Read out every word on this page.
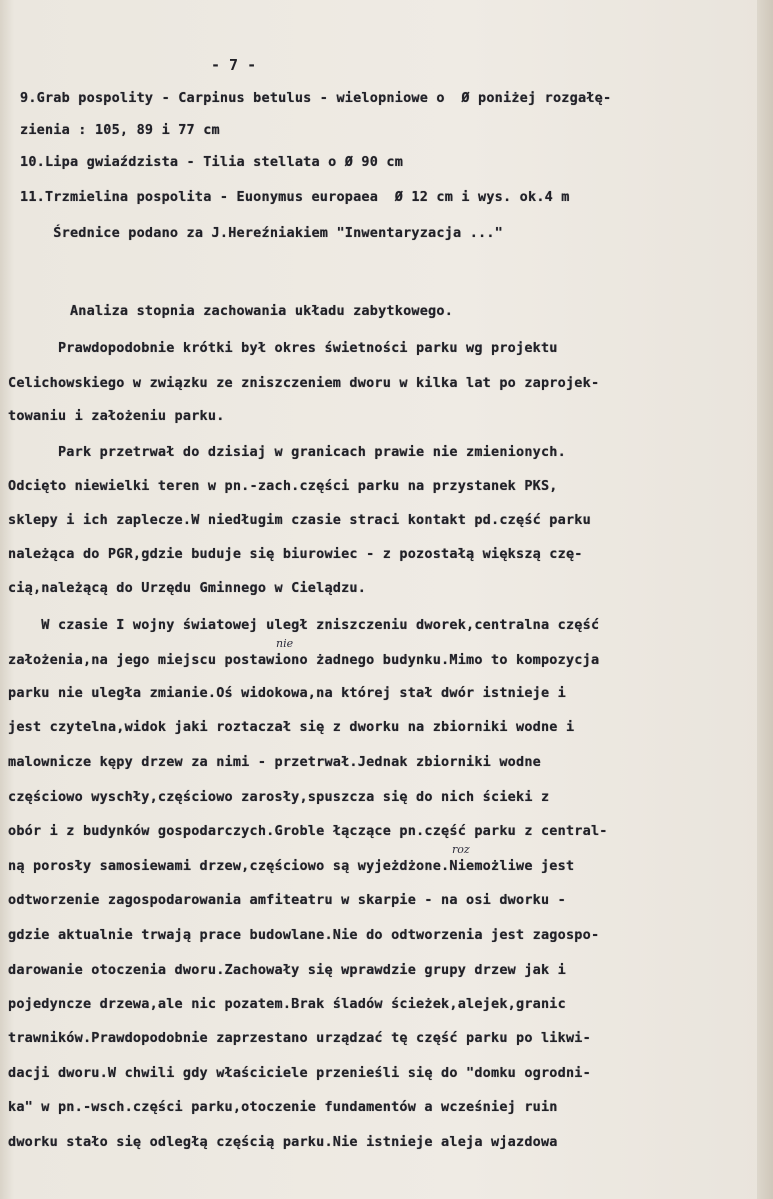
- 7 -
9.Grab pospolity - Carpinus betulus - wielopniowe o  Ø poniżej rozgałę-
zienia : 105, 89 i 77 cm
10.Lipa gwiaździsta - Tilia stellata o Ø 90 cm
11.Trzmielina pospolita - Euonymus europaea  Ø 12 cm i wys. ok.4 m
Średnice podano za J.Hereźniakiem "Inwentaryzacja ..."
Analiza stopnia zachowania układu zabytkowego.
Prawdopodobnie krótki był okres świetności parku wg projektu
Celichowskiego w związku ze zniszczeniem dworu w kilka lat po zaprojek-
towaniu i założeniu parku.
Park przetrwał do dzisiaj w granicach prawie nie zmienionych.
Odcięto niewielki teren w pn.-zach.części parku na przystanek PKS,
sklepy i ich zaplecze.W niedługim czasie straci kontakt pd.część parku
należąca do PGR,gdzie buduje się biurowiec - z pozostałą większą czę-
cią,należącą do Urzędu Gminnego w Cielądzu.
W czasie I wojny światowej uległ zniszczeniu dworek,centralna część
nie
założenia,na jego miejscu postawiono żadnego budynku.Mimo to kompozycja
parku nie uległa zmianie.Oś widokowa,na której stał dwór istnieje i
jest czytelna,widok jaki roztaczał się z dworku na zbiorniki wodne i
malownicze kępy drzew za nimi - przetrwał.Jednak zbiorniki wodne
częściowo wyschły,częściowo zarosły,spuszcza się do nich ścieki z
obór i z budynków gospodarczych.Groble łączące pn.część parku z central-
roz
ną porosły samosiewami drzew,częściowo są wyjeżdżone.Niemożliwe jest
odtworzenie zagospodarowania amfiteatru w skarpie - na osi dworku -
gdzie aktualnie trwają prace budowlane.Nie do odtworzenia jest zagospo-
darowanie otoczenia dworu.Zachowały się wprawdzie grupy drzew jak i
pojedyncze drzewa,ale nic pozatem.Brak śladów ścieżek,alejek,granic
trawników.Prawdopodobnie zaprzestano urządzać tę część parku po likwi-
dacji dworu.W chwili gdy właściciele przenieśli się do "domku ogrodni-
ka" w pn.-wsch.części parku,otoczenie fundamentów a wcześniej ruin
dworku stało się odległą częścią parku.Nie istnieje aleja wjazdowa
